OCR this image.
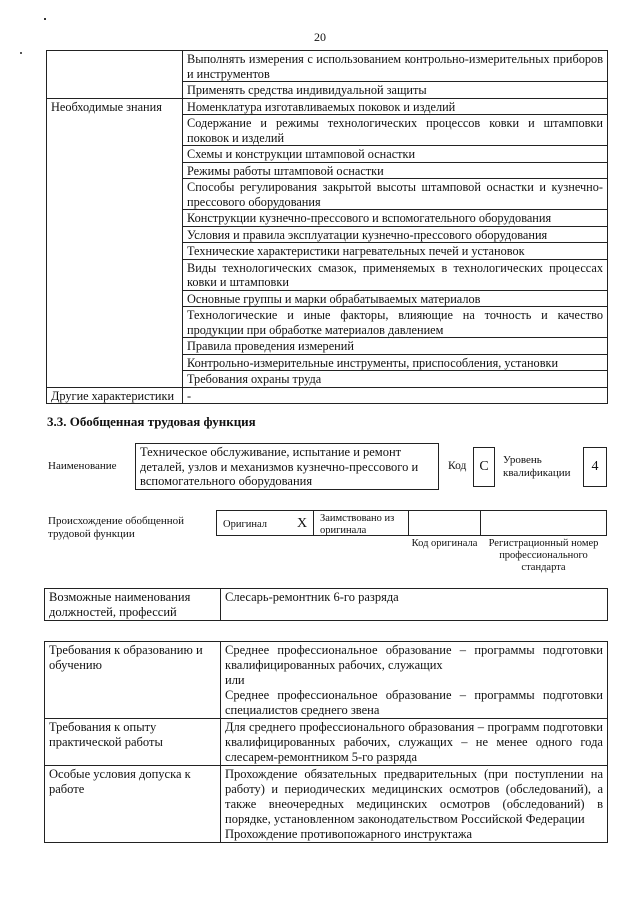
20
	Выполнять измерения с использованием контрольно-измерительных приборов и инструментов
	Применять средства индивидуальной защиты
Необходимые знания	Номенклатура изготавливаемых поковок и изделий
	Содержание и режимы технологических процессов ковки и штамповки поковок и изделий
	Схемы и конструкции штамповой оснастки
	Режимы работы штамповой оснастки
	Способы регулирования закрытой высоты штамповой оснастки и кузнечно-прессового оборудования
	Конструкции кузнечно-прессового и вспомогательного оборудования
	Условия и правила эксплуатации кузнечно-прессового оборудования
	Технические характеристики нагревательных печей и установок
	Виды технологических смазок, применяемых в технологических процессах ковки и штамповки
	Основные группы и марки обрабатываемых материалов
	Технологические и иные факторы, влияющие на точность и качество продукции при обработке материалов давлением
	Правила проведения измерений
	Контрольно-измерительные инструменты, приспособления, установки
	Требования охраны труда
Другие характеристики	-
3.3. Обобщенная трудовая функция
Наименование
Техническое обслуживание, испытание и ремонт деталей, узлов и механизмов кузнечно-прессового и вспомогательного оборудования
Код С	Уровень квалификации	4
Происхождение обобщенной трудовой функции
Оригинал X Заимствовано из оригинала
Код оригинала	Регистрационный номер профессионального стандарта
Возможные наименования должностей, профессий	Слесарь-ремонтник 6-го разряда
Требования к образованию и обучению	Среднее профессиональное образование – программы подготовки квалифицированных рабочих, служащих
или
Среднее профессиональное образование – программы подготовки специалистов среднего звена

Требования к опыту практической работы	Для среднего профессионального образования – программ подготовки квалифицированных рабочих, служащих – не менее одного года слесарем-ремонтником 5-го разряда

Особые условия допуска к работе	Прохождение обязательных предварительных (при поступлении на работу) и периодических медицинских осмотров (обследований), а также внеочередных медицинских осмотров (обследований) в порядке, установленном законодательством Российской Федерации
Прохождение противопожарного инструктажа
